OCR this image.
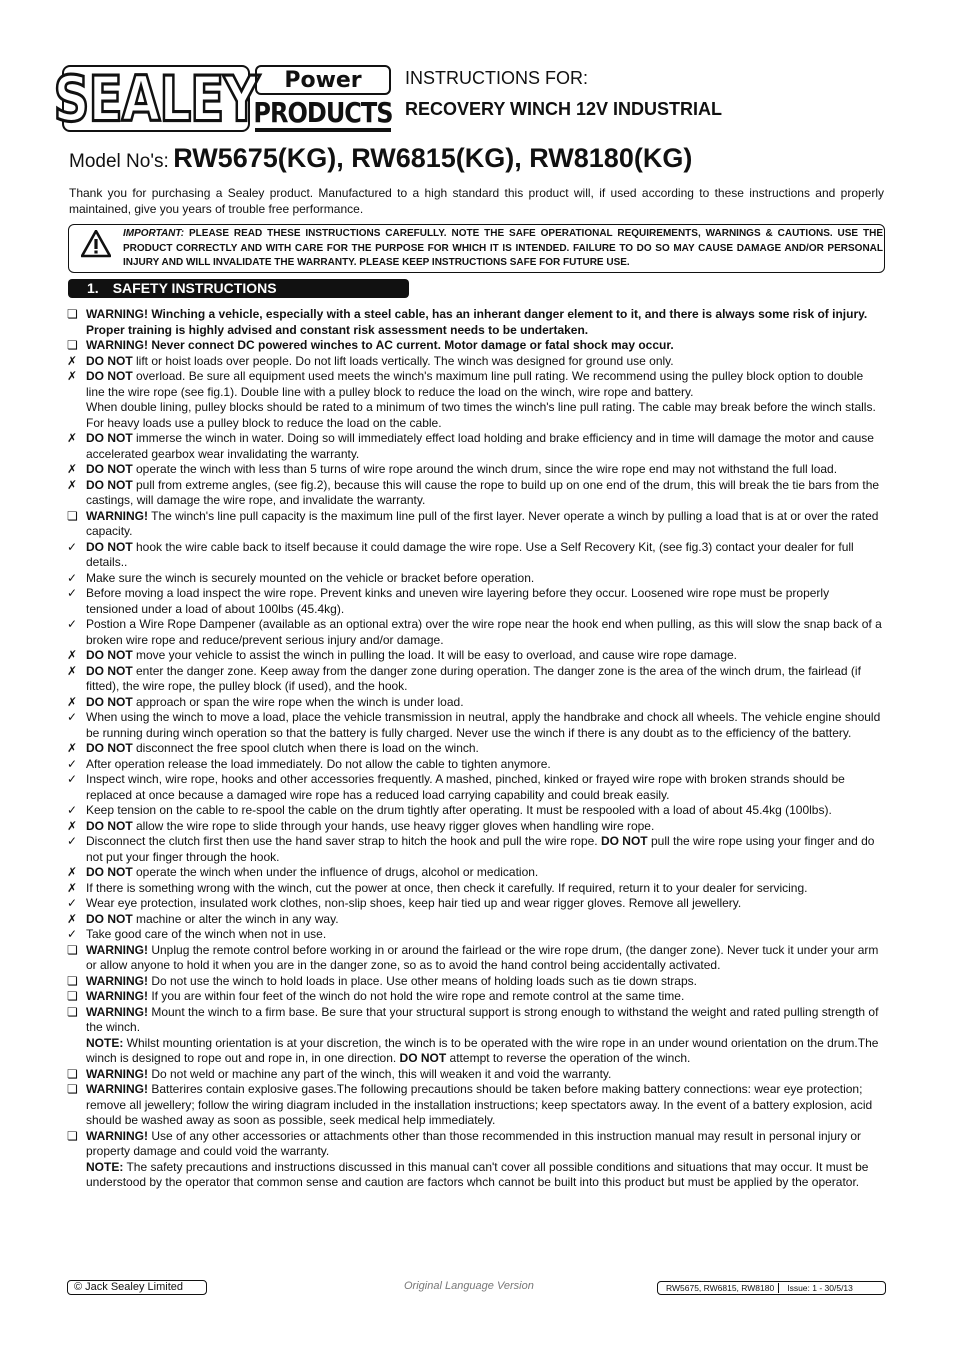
SEALEY Power
PRODUCTS
INSTRUCTIONS FOR:
RECOVERY WINCH 12V INDUSTRIAL
Model No's: RW5675(KG), RW6815(KG), RW8180(KG)
Thank you for purchasing a Sealey product. Manufactured to a high standard this product will, if used according to these instructions and properly maintained, give you years of trouble free performance.
IMPORTANT: PLEASE READ THESE INSTRUCTIONS CAREFULLY. NOTE THE SAFE OPERATIONAL REQUIREMENTS, WARNINGS & CAUTIONS. USE THE PRODUCT CORRECTLY AND WITH CARE FOR THE PURPOSE FOR WHICH IT IS INTENDED. FAILURE TO DO SO MAY CAUSE DAMAGE AND/OR PERSONAL INJURY AND WILL INVALIDATE THE WARRANTY. PLEASE KEEP INSTRUCTIONS SAFE FOR FUTURE USE.
1. SAFETY INSTRUCTIONS
❏ WARNING! Winching a vehicle, especially with a steel cable, has an inherant danger element to it, and there is always some risk of injury. Proper training is highly advised and constant risk assessment needs to be undertaken.
❏ WARNING! Never connect DC powered winches to AC current. Motor damage or fatal shock may occur.
✗ DO NOT lift or hoist loads over people. Do not lift loads vertically. The winch was designed for ground use only.
✗ DO NOT overload. Be sure all equipment used meets the winch's maximum line pull rating. We recommend using the pulley block option to double line the wire rope (see fig.1). Double line with a pulley block to reduce the load on the winch, wire rope and battery.
When double lining, pulley blocks should be rated to a minimum of two times the winch's line pull rating. The cable may break before the winch stalls. For heavy loads use a pulley block to reduce the load on the cable.
✗ DO NOT immerse the winch in water. Doing so will immediately effect load holding and brake efficiency and in time will damage the motor and cause accelerated gearbox wear invalidating the warranty.
✗ DO NOT operate the winch with less than 5 turns of wire rope around the winch drum, since the wire rope end may not withstand the full load.
✗ DO NOT pull from extreme angles, (see fig.2), because this will cause the rope to build up on one end of the drum, this will break the tie bars from the castings, will damage the wire rope, and invalidate the warranty.
❏ WARNING! The winch's line pull capacity is the maximum line pull of the first layer. Never operate a winch by pulling a load that is at or over the rated capacity.
✓ DO NOT hook the wire cable back to itself because it could damage the wire rope. Use a Self Recovery Kit, (see fig.3) contact your dealer for full details..
✓ Make sure the winch is securely mounted on the vehicle or bracket before operation.
✓ Before moving a load inspect the wire rope. Prevent kinks and uneven wire layering before they occur. Loosened wire rope must be properly tensioned under a load of about 100lbs (45.4kg).
✓ Postion a Wire Rope Dampener (available as an optional extra) over the wire rope near the hook end when pulling, as this will slow the snap back of a broken wire rope and reduce/prevent serious injury and/or damage.
✗ DO NOT move your vehicle to assist the winch in pulling the load. It will be easy to overload, and cause wire rope damage.
✗ DO NOT enter the danger zone. Keep away from the danger zone during operation. The danger zone is the area of the winch drum, the fairlead (if fitted), the wire rope, the pulley block (if used), and the hook.
✗ DO NOT approach or span the wire rope when the winch is under load.
✓ When using the winch to move a load, place the vehicle transmission in neutral, apply the handbrake and chock all wheels. The vehicle engine should be running during winch operation so that the battery is fully charged. Never use the winch if there is any doubt as to the efficiency of the battery.
✗ DO NOT disconnect the free spool clutch when there is load on the winch.
✓ After operation release the load immediately. Do not allow the cable to tighten anymore.
✓ Inspect winch, wire rope, hooks and other accessories frequently. A mashed, pinched, kinked or frayed wire rope with broken strands should be replaced at once because a damaged wire rope has a reduced load carrying capability and could break easily.
✓ Keep tension on the cable to re-spool the cable on the drum tightly after operating. It must be respooled with a load of about 45.4kg (100lbs).
✗ DO NOT allow the wire rope to slide through your hands, use heavy rigger gloves when handling wire rope.
✓ Disconnect the clutch first then use the hand saver strap to hitch the hook and pull the wire rope. DO NOT pull the wire rope using your finger and do not put your finger through the hook.
✗ DO NOT operate the winch when under the influence of drugs, alcohol or medication.
✗ If there is something wrong with the winch, cut the power at once, then check it carefully. If required, return it to your dealer for servicing.
✓ Wear eye protection, insulated work clothes, non-slip shoes, keep hair tied up and wear rigger gloves. Remove all jewellery.
✗ DO NOT machine or alter the winch in any way.
✓ Take good care of the winch when not in use.
❏ WARNING! Unplug the remote control before working in or around the fairlead or the wire rope drum, (the danger zone). Never tuck it under your arm or allow anyone to hold it when you are in the danger zone, so as to avoid the hand control being accidentally activated.
❏ WARNING! Do not use the winch to hold loads in place. Use other means of holding loads such as tie down straps.
❏ WARNING! If you are within four feet of the winch do not hold the wire rope and remote control at the same time.
❏ WARNING! Mount the winch to a firm base. Be sure that your structural support is strong enough to withstand the weight and rated pulling strength of the winch.
NOTE: Whilst mounting orientation is at your discretion, the winch is to be operated with the wire rope in an under wound orientation on the drum.The winch is designed to rope out and rope in, in one direction. DO NOT attempt to reverse the operation of the winch.
❏ WARNING! Do not weld or machine any part of the winch, this will weaken it and void the warranty.
❏ WARNING! Batterires contain explosive gases.The following precautions should be taken before making battery connections: wear eye protection; remove all jewellery; follow the wiring diagram included in the installation instructions; keep spectators away. In the event of a battery explosion, acid should be washed away as soon as possible, seek medical help immediately.
❏ WARNING! Use of any other accessories or attachments other than those recommended in this instruction manual may result in personal injury or property damage and could void the warranty.
NOTE: The safety precautions and instructions discussed in this manual can't cover all possible conditions and situations that may occur. It must be understood by the operator that common sense and caution are factors whch cannot be built into this product but must be applied by the operator.
© Jack Sealey Limited	Original Language Version	RW5675, RW6815, RW8180	Issue: 1 - 30/5/13
